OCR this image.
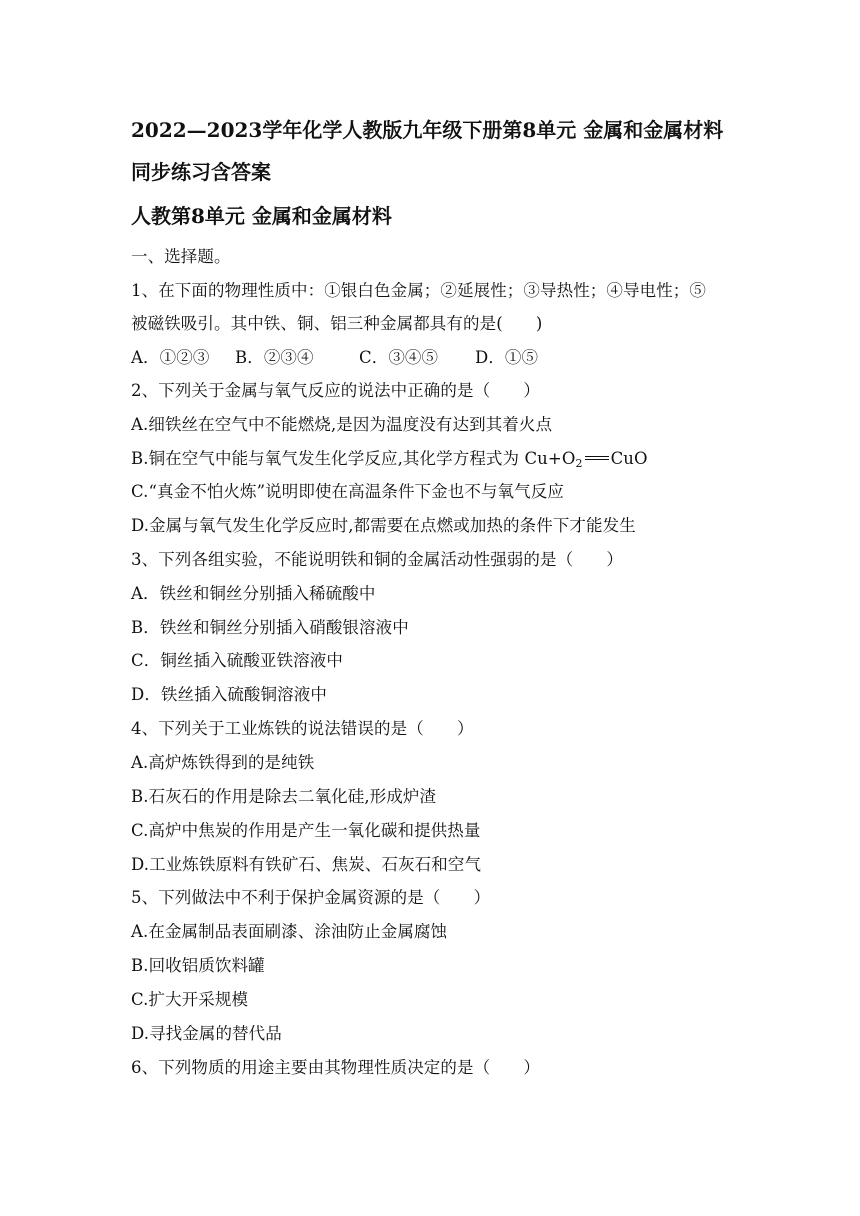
2022—2023学年化学人教版九年级下册第8单元 金属和金属材料
同步练习含答案
人教第8单元 金属和金属材料

一、选择题。

1、在下面的物理性质中：①银白色金属；②延展性；③导热性；④导电性；⑤

被磁铁吸引。其中铁、铜、铝三种金属都具有的是(　　)

A．①②③ B．②③④	C．③④⑤ D．①⑤

2、下列关于金属与氧气反应的说法中正确的是（　　）

A.细铁丝在空气中不能燃烧,是因为温度没有达到其着火点

B.铜在空气中能与氧气发生化学反应,其化学方程式为 $Cu+O_2$ CuO

C.“真金不怕火炼”说明即使在高温条件下金也不与氧气反应

D.金属与氧气发生化学反应时,都需要在点燃或加热的条件下才能发生

3、下列各组实验，不能说明铁和铜的金属活动性强弱的是（　　）

A．铁丝和铜丝分别插入稀硫酸中

B．铁丝和铜丝分别插入硝酸银溶液中

C．铜丝插入硫酸亚铁溶液中

D．铁丝插入硫酸铜溶液中

4、下列关于工业炼铁的说法错误的是（　　）

A.高炉炼铁得到的是纯铁

B.石灰石的作用是除去二氧化硅,形成炉渣

C.高炉中焦炭的作用是产生一氧化碳和提供热量

D.工业炼铁原料有铁矿石、焦炭、石灰石和空气

5、下列做法中不利于保护金属资源的是（　　）

A.在金属制品表面刷漆、涂油防止金属腐蚀

B.回收铝质饮料罐

C.扩大开采规模

D.寻找金属的替代品

6、下列物质的用途主要由其物理性质决定的是（　　）
